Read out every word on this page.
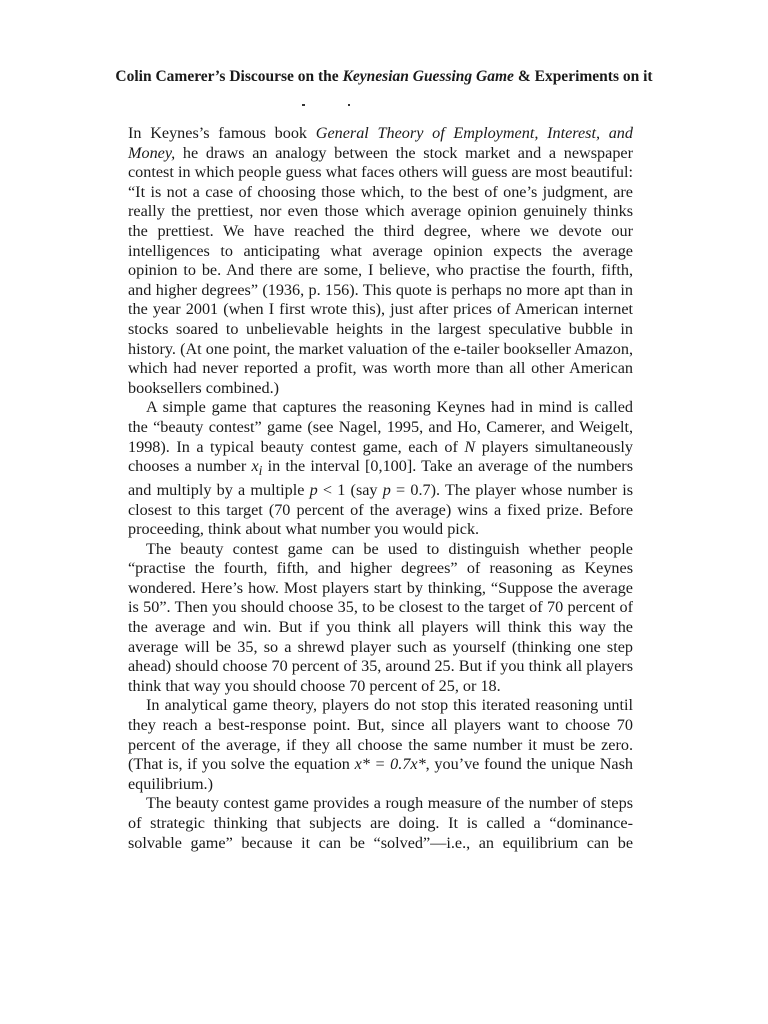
Colin Camerer’s Discourse on the Keynesian Guessing Game & Experiments on it

In Keynes’s famous book General Theory of Employment, Interest, and Money, he draws an analogy between the stock market and a newspaper contest in which people guess what faces others will guess are most beautiful: “It is not a case of choosing those which, to the best of one’s judgment, are really the prettiest, nor even those which average opinion genuinely thinks the prettiest. We have reached the third degree, where we devote our intelligences to anticipating what average opinion expects the average opinion to be. And there are some, I believe, who practise the fourth, fifth, and higher degrees” (1936, p. 156). This quote is perhaps no more apt than in the year 2001 (when I first wrote this), just after prices of American internet stocks soared to unbelievable heights in the largest speculative bubble in history. (At one point, the market valuation of the e-tailer bookseller Amazon, which had never reported a profit, was worth more than all other American booksellers combined.)

A simple game that captures the reasoning Keynes had in mind is called the “beauty contest” game (see Nagel, 1995, and Ho, Camerer, and Weigelt, 1998). In a typical beauty contest game, each of N players simultaneously chooses a number $x_i$ in the interval [0,100]. Take an average of the numbers and multiply by a multiple p < 1 (say p = 0.7). The player whose number is closest to this target (70 percent of the average) wins a fixed prize. Before proceeding, think about what number you would pick.

The beauty contest game can be used to distinguish whether people “practise the fourth, fifth, and higher degrees” of reasoning as Keynes wondered. Here’s how. Most players start by thinking, “Suppose the average is 50”. Then you should choose 35, to be closest to the target of 70 percent of the average and win. But if you think all players will think this way the average will be 35, so a shrewd player such as yourself (thinking one step ahead) should choose 70 percent of 35, around 25. But if you think all players think that way you should choose 70 percent of 25, or 18.

In analytical game theory, players do not stop this iterated reasoning until they reach a best-response point. But, since all players want to choose 70 percent of the average, if they all choose the same number it must be zero. (That is, if you solve the equation x* = 0.7x*, you’ve found the unique Nash equilibrium.)

The beauty contest game provides a rough measure of the number of steps of strategic thinking that subjects are doing. It is called a “dominance-solvable game” because it can be “solved”—i.e., an equilibrium can be
